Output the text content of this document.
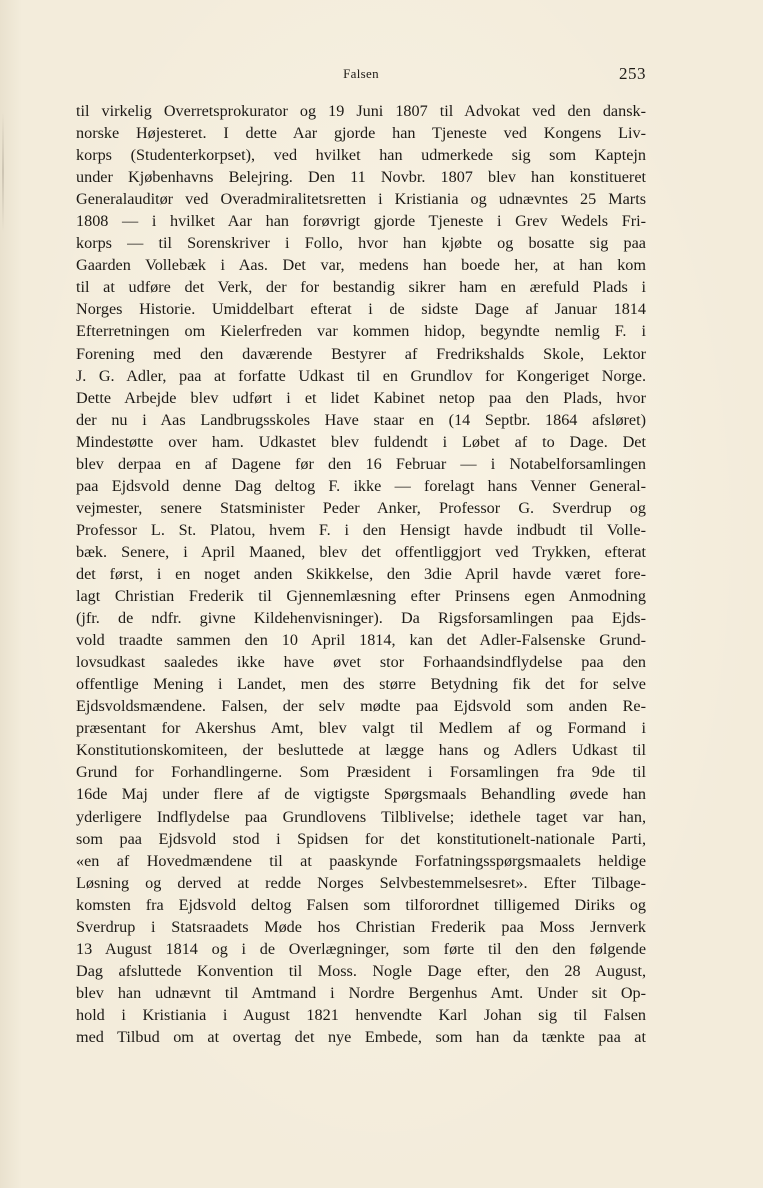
Falsen	253
til virkelig Overretsprokurator og 19 Juni 1807 til Advokat ved den dansk-
norske Højesteret. I dette Aar gjorde han Tjeneste ved Kongens Liv-
korps (Studenterkorpset), ved hvilket han udmerkede sig som Kaptejn
under Kjøbenhavns Belejring. Den 11 Novbr. 1807 blev han konstitueret
Generalauditør ved Overadmiralitetsretten i Kristiania og udnævntes 25 Marts
1808 — i hvilket Aar han forøvrigt gjorde Tjeneste i Grev Wedels Fri-
korps — til Sorenskriver i Follo, hvor han kjøbte og bosatte sig paa
Gaarden Vollebæk i Aas. Det var, medens han boede her, at han kom
til at udføre det Verk, der for bestandig sikrer ham en ærefuld Plads i
Norges Historie. Umiddelbart efterat i de sidste Dage af Januar 1814
Efterretningen om Kielerfreden var kommen hidop, begyndte nemlig F. i
Forening med den daværende Bestyrer af Fredrikshalds Skole, Lektor
J. G. Adler, paa at forfatte Udkast til en Grundlov for Kongeriget Norge.
Dette Arbejde blev udført i et lidet Kabinet netop paa den Plads, hvor
der nu i Aas Landbrugsskoles Have staar en (14 Septbr. 1864 afsløret)
Mindestøtte over ham. Udkastet blev fuldendt i Løbet af to Dage. Det
blev derpaa en af Dagene før den 16 Februar — i Notabelforsamlingen
paa Ejdsvold denne Dag deltog F. ikke — forelagt hans Venner General-
vejmester, senere Statsminister Peder Anker, Professor G. Sverdrup og
Professor L. St. Platou, hvem F. i den Hensigt havde indbudt til Volle-
bæk. Senere, i April Maaned, blev det offentliggjort ved Trykken, efterat
det først, i en noget anden Skikkelse, den 3die April havde været fore-
lagt Christian Frederik til Gjennemlæsning efter Prinsens egen Anmodning
(jfr. de ndfr. givne Kildehenvisninger). Da Rigsforsamlingen paa Ejds-
vold traadte sammen den 10 April 1814, kan det Adler-Falsenske Grund-
lovsudkast saaledes ikke have øvet stor Forhaandsindflydelse paa den
offentlige Mening i Landet, men des større Betydning fik det for selve
Ejdsvoldsmændene. Falsen, der selv mødte paa Ejdsvold som anden Re-
præsentant for Akershus Amt, blev valgt til Medlem af og Formand i
Konstitutionskomiteen, der besluttede at lægge hans og Adlers Udkast til
Grund for Forhandlingerne. Som Præsident i Forsamlingen fra 9de til
16de Maj under flere af de vigtigste Spørgsmaals Behandling øvede han
yderligere Indflydelse paa Grundlovens Tilblivelse; idethele taget var han,
som paa Ejdsvold stod i Spidsen for det konstitutionelt-nationale Parti,
«en af Hovedmændene til at paaskynde Forfatningsspørgsmaalets heldige
Løsning og derved at redde Norges Selvbestemmelsesret». Efter Tilbage-
komsten fra Ejdsvold deltog Falsen som tilforordnet tilligemed Diriks og
Sverdrup i Statsraadets Møde hos Christian Frederik paa Moss Jernverk
13 August 1814 og i de Overlægninger, som førte til den den følgende
Dag afsluttede Konvention til Moss. Nogle Dage efter, den 28 August,
blev han udnævnt til Amtmand i Nordre Bergenhus Amt. Under sit Op-
hold i Kristiania i August 1821 henvendte Karl Johan sig til Falsen
med Tilbud om at overtag det nye Embede, som han da tænkte paa at
